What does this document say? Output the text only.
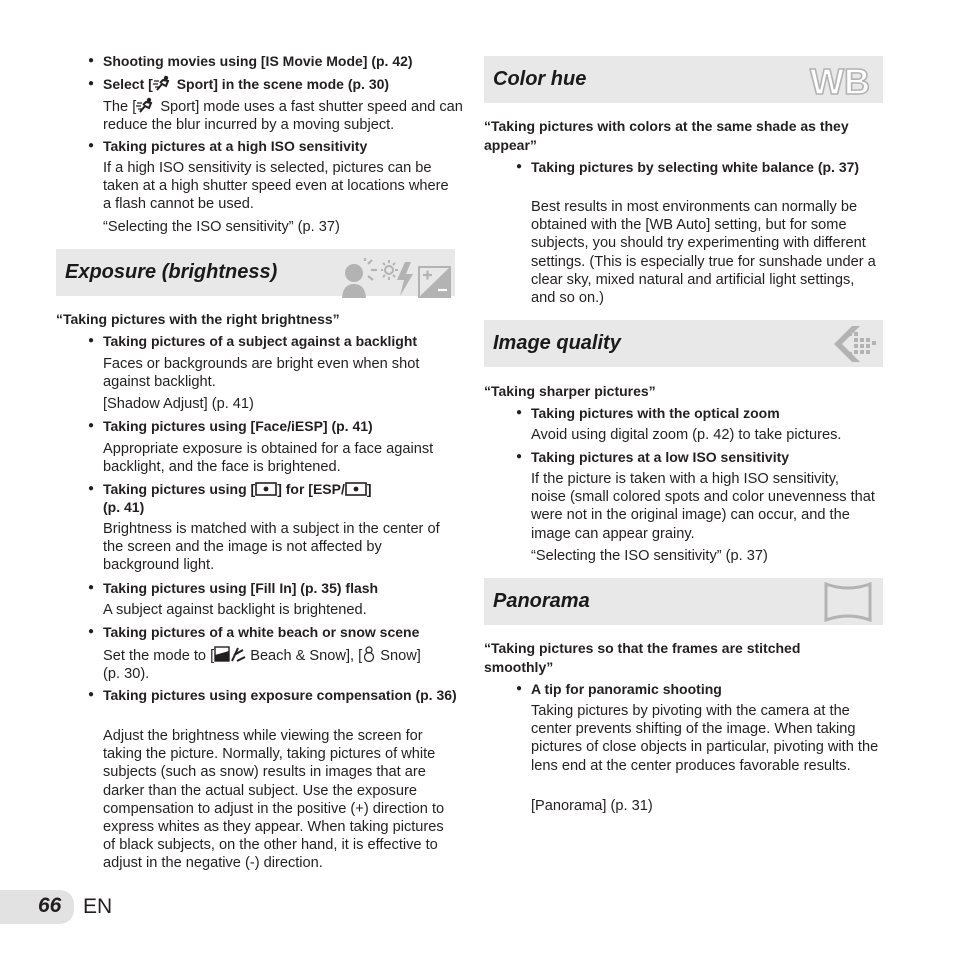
● Shooting movies using [IS Movie Mode] (p. 42)
● Select [ Sport] in the scene mode (p. 30)
The [ Sport] mode uses a fast shutter speed and can reduce the blur incurred by a moving subject.
● Taking pictures at a high ISO sensitivity
If a high ISO sensitivity is selected, pictures can be taken at a high shutter speed even at locations where a flash cannot be used.
“Selecting the ISO sensitivity” (p. 37)
Exposure (brightness)
“Taking pictures with the right brightness”
● Taking pictures of a subject against a backlight
Faces or backgrounds are bright even when shot against backlight.
[Shadow Adjust] (p. 41)
● Taking pictures using [Face/iESP] (p. 41)
Appropriate exposure is obtained for a face against backlight, and the face is brightened.
● Taking pictures using [ ] for [ESP/ ]
(p. 41)
Brightness is matched with a subject in the center of the screen and the image is not affected by background light.
● Taking pictures using [Fill In] (p. 35) flash
A subject against backlight is brightened.
● Taking pictures of a white beach or snow scene
Set the mode to [ Beach & Snow], [ Snow]
(p. 30).
● Taking pictures using exposure compensation (p. 36)
Adjust the brightness while viewing the screen for taking the picture. Normally, taking pictures of white subjects (such as snow) results in images that are darker than the actual subject. Use the exposure compensation to adjust in the positive (+) direction to express whites as they appear. When taking pictures of black subjects, on the other hand, it is effective to adjust in the negative (-) direction.
Color hue	WB
“Taking pictures with colors at the same shade as they appear”
● Taking pictures by selecting white balance (p. 37)
Best results in most environments can normally be obtained with the [WB Auto] setting, but for some subjects, you should try experimenting with different settings. (This is especially true for sunshade under a clear sky, mixed natural and artificial light settings, and so on.)
Image quality
“Taking sharper pictures”
● Taking pictures with the optical zoom
Avoid using digital zoom (p. 42) to take pictures.
● Taking pictures at a low ISO sensitivity
If the picture is taken with a high ISO sensitivity, noise (small colored spots and color unevenness that were not in the original image) can occur, and the image can appear grainy.
“Selecting the ISO sensitivity” (p. 37)
Panorama
“Taking pictures so that the frames are stitched smoothly”
● A tip for panoramic shooting
Taking pictures by pivoting with the camera at the center prevents shifting of the image. When taking pictures of close objects in particular, pivoting with the lens end at the center produces favorable results.
[Panorama] (p. 31)
66 EN
